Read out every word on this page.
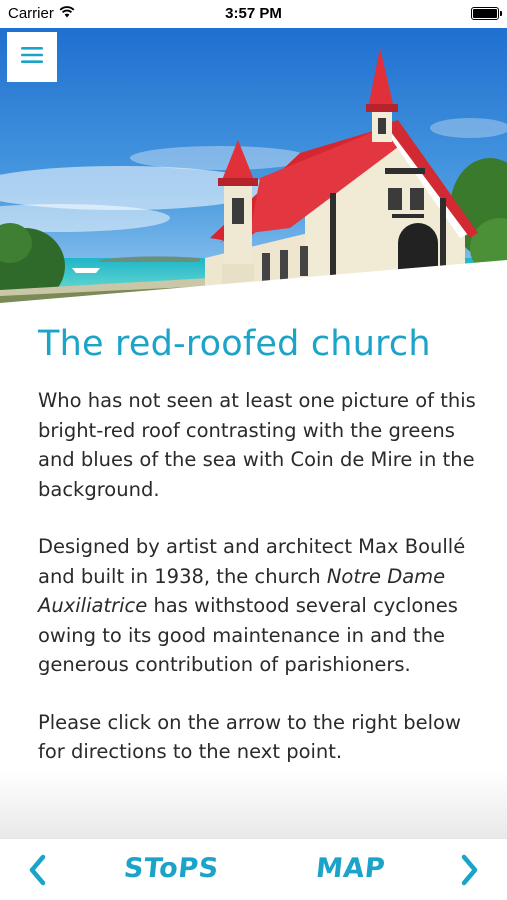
Carrier	3:57 PM
The red-roofed church

Who has not seen at least one picture of this bright-red roof contrasting with the greens and blues of the sea with Coin de Mire in the background.

Designed by artist and architect Max Boullé and built in 1938, the church Notre Dame Auxiliatrice has withstood several cyclones owing to its good maintenance in and the generous contribution of parishioners.

Please click on the arrow to the right below for directions to the next point.

SToPS	MAP
